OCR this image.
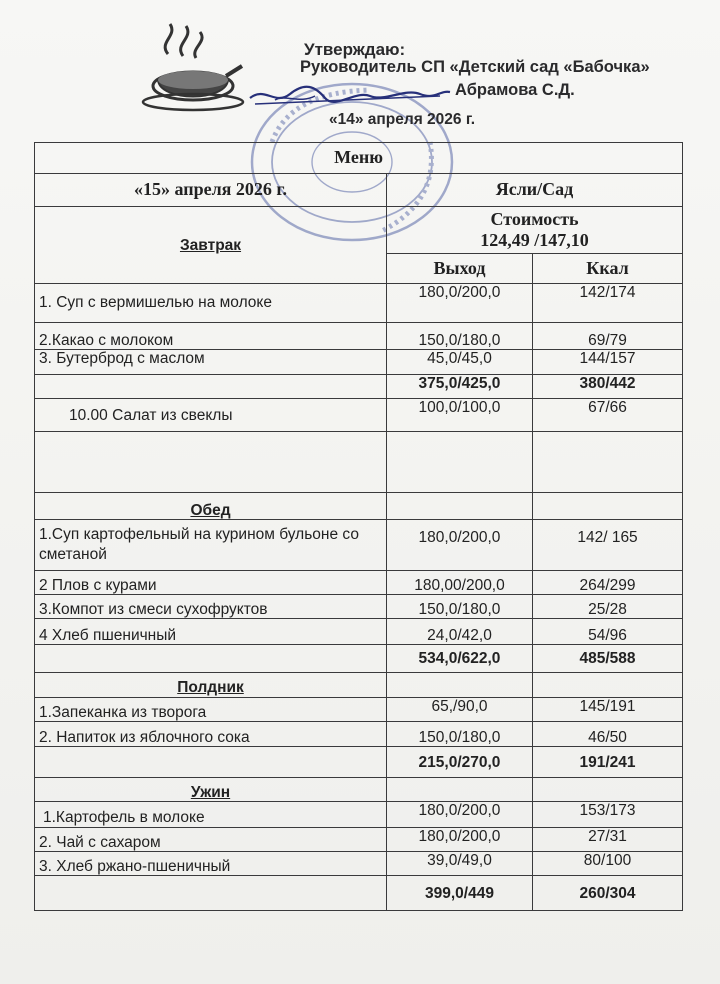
Утверждаю:
Руководитель СП «Детский сад «Бабочка»
Абрамова С.Д.
«14» апреля 2026 г.
Меню		
«15» апреля 2026 г.	Ясли/Сад	
Завтрак	Стоимость
124,49 /147,10	

	Выход	Ккал
1. Суп с вермишелью на молоке	180,0/200,0	142/174
2.Какао с молоком	150,0/180,0	69/79
3. Бутерброд с маслом	45,0/45,0	144/157
	375,0/425,0	380/442
10.00 Салат из свеклы	100,0/100,0	67/66

Обед		
1.Суп картофельный на курином бульоне со сметаной	180,0/200,0	142/ 165
2 Плов с курами	180,00/200,0	264/299
3.Компот из смеси сухофруктов	150,0/180,0	25/28
4 Хлеб пшеничный	24,0/42,0	54/96
	534,0/622,0	485/588
Полдник		
1.Запеканка из творога	65,/90,0	145/191
2. Напиток из яблочного сока	150,0/180,0	46/50
	215,0/270,0	191/241
Ужин		
1.Картофель в молоке	180,0/200,0	153/173
2. Чай с сахаром	180,0/200,0	27/31
3. Хлеб ржано-пшеничный	39,0/49,0	80/100
	399,0/449	260/304
